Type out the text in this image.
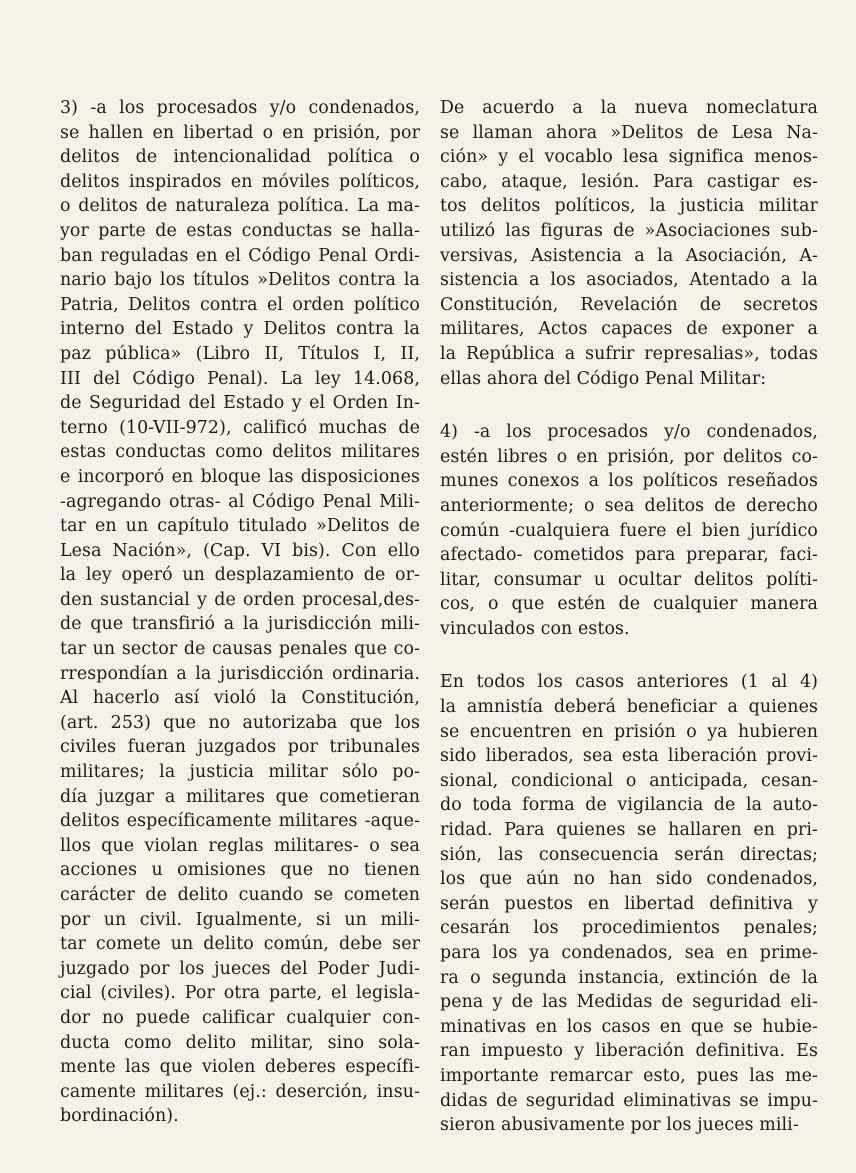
3) -a los procesados y/o condenados,
se hallen en libertad o en prisión, por
delitos de intencionalidad política o
delitos inspirados en móviles políticos,
o delitos de naturaleza política. La ma-
yor parte de estas conductas se halla-
ban reguladas en el Código Penal Ordi-
nario bajo los títulos »Delitos contra la
Patria, Delitos contra el orden político
interno del Estado y Delitos contra la
paz pública» (Libro II, Títulos I, II,
III del Código Penal). La ley 14.068,
de Seguridad del Estado y el Orden In-
terno (10-VII-972), calificó muchas de
estas conductas como delitos militares
e incorporó en bloque las disposiciones
-agregando otras- al Código Penal Mili-
tar en un capítulo titulado »Delitos de
Lesa Nación», (Cap. VI bis). Con ello
la ley operó un desplazamiento de or-
den sustancial y de orden procesal,des-
de que transfirió a la jurisdicción mili-
tar un sector de causas penales que co-
rrespondían a la jurisdicción ordinaria.
Al hacerlo así violó la Constitución,
(art. 253) que no autorizaba que los
civiles fueran juzgados por tribunales
militares; la justicia militar sólo po-
día juzgar a militares que cometieran
delitos específicamente militares -aque-
llos que violan reglas militares- o sea
acciones u omisiones que no tienen
carácter de delito cuando se cometen
por un civil. Igualmente, si un mili-
tar comete un delito común, debe ser
juzgado por los jueces del Poder Judi-
cial (civiles). Por otra parte, el legisla-
dor no puede calificar cualquier con-
ducta como delito militar, sino sola-
mente las que violen deberes específi-
camente militares (ej.: deserción, insu-
bordinación).
De acuerdo a la nueva nomeclatura
se llaman ahora »Delitos de Lesa Na-
ción» y el vocablo lesa significa menos-
cabo, ataque, lesión. Para castigar es-
tos delitos políticos, la justicia militar
utilizó las figuras de »Asociaciones sub-
versivas, Asistencia a la Asociación, A-
sistencia a los asociados, Atentado a la
Constitución, Revelación de secretos
militares, Actos capaces de exponer a
la República a sufrir represalias», todas
ellas ahora del Código Penal Militar:
4) -a los procesados y/o condenados,
estén libres o en prisión, por delitos co-
munes conexos a los políticos reseñados
anteriormente; o sea delitos de derecho
común -cualquiera fuere el bien jurídico
afectado- cometidos para preparar, faci-
litar, consumar u ocultar delitos políti-
cos, o que estén de cualquier manera
vinculados con estos.
En todos los casos anteriores (1 al 4)
la amnistía deberá beneficiar a quienes
se encuentren en prisión o ya hubieren
sido liberados, sea esta liberación provi-
sional, condicional o anticipada, cesan-
do toda forma de vigilancia de la auto-
ridad. Para quienes se hallaren en pri-
sión, las consecuencia serán directas;
los que aún no han sido condenados,
serán puestos en libertad definitiva y
cesarán los procedimientos penales;
para los ya condenados, sea en prime-
ra o segunda instancia, extinción de la
pena y de las Medidas de seguridad eli-
minativas en los casos en que se hubie-
ran impuesto y liberación definitiva. Es
importante remarcar esto, pues las me-
didas de seguridad eliminativas se impu-
sieron abusivamente por los jueces mili-
